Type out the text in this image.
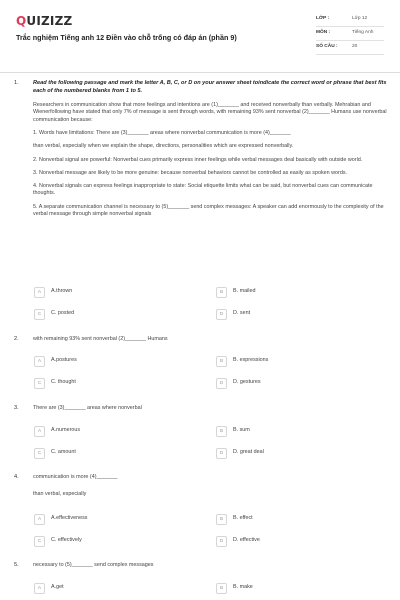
QUIZIZZ
Trắc nghiệm Tiếng anh 12 Điền vào chỗ trống có đáp án (phần 9)
LỚP :	Lớp 12
MÔN :	Tiếng Anh
SỐ CÂU :	20
1.	Read the following passage and mark the letter A, B, C, or D on your answer sheet toindicate the correct word or phrase that best fits each of the numbered blanks from 1 to 5.

Researchers in communication show that more feelings and intentions are (1)_______ and received nonverbally than verbally. Mehrabian and Wienerfollowing have stated that only 7% of message is sent through words, with remaining 93% sent nonverbal (2)_______ Humans use nonverbal communication because:

1. Words have limitations: There are (3)_______ areas where nonverbal communication is more (4)_______

than verbal, especially when we explain the shape, directions, personalities which are expressed nonverbally.

2. Nonverbal signal are powerful: Nonverbal cues primarily express inner feelings while verbal messages deal basically with outside world.

3. Nonverbal message are likely to be more genuine: because nonverbal behaviors cannot be controlled as easily as spoken words.

4. Nonverbal signals can express feelings inappropriate to state: Social etiquette limits what can be said, but nonverbal cues can communicate thoughts.

5. A separate communication channel is necessary to (5)_______ send complex messages: A speaker can add enormously to the complexity of the verbal message through simple nonverbal signals

A	A.thrown	B	B. mailed
C	C. posted	D	D. sent
2.	with remaining 93% sent nonverbal (2)_______ Humans
A	A.postures	B	B. expressions
C	C. thought	D	D. gestures
3.	There are (3)_______ areas where nonverbal
A	A.numerous	B	B. sum
C	C. amount	D	D. great deal
4.	communication is more (4)_______
than verbal, especially
A	A.effectiveness	B	B. effect
C	C. effectively	D	D. effective
5.	necessary to (5)_______ send complex messages
A	A.get	B	B. make
